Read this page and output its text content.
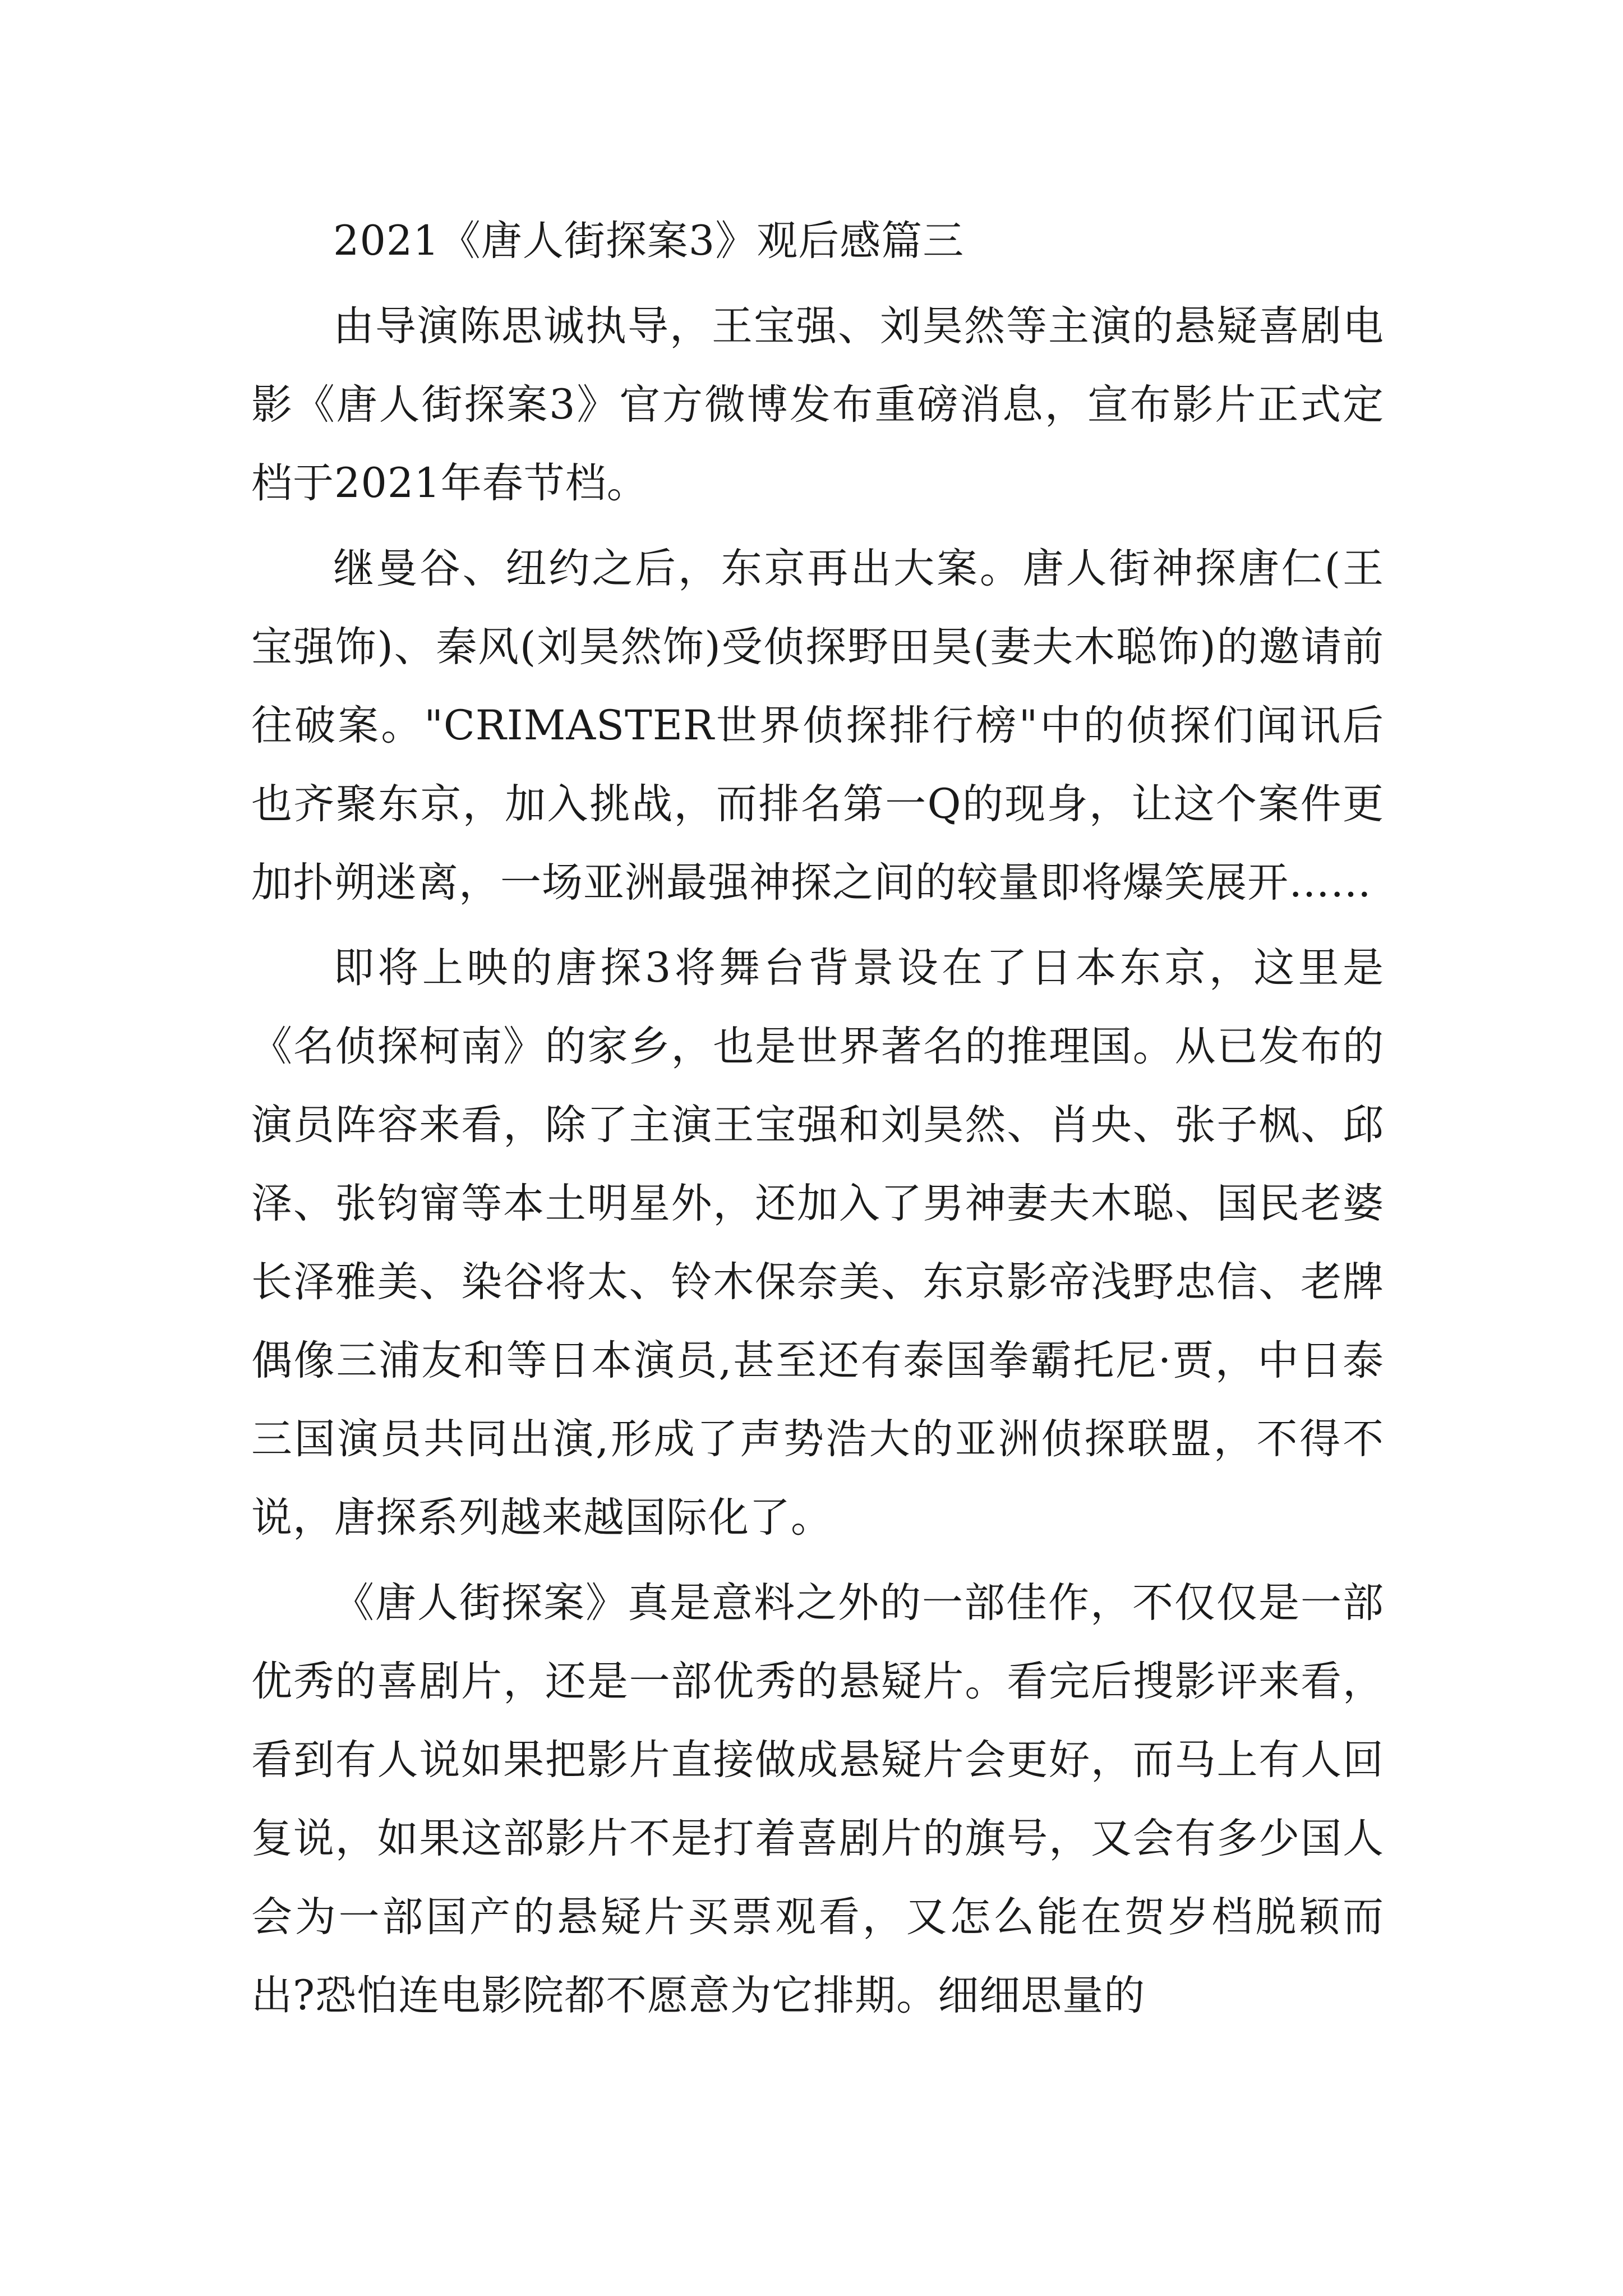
2021《唐人街探案3》观后感篇三

由导演陈思诚执导，王宝强、刘昊然等主演的悬疑喜剧电影《唐人街探案3》官方微博发布重磅消息，宣布影片正式定档于2021年春节档。

继曼谷、纽约之后，东京再出大案。唐人街神探唐仁(王宝强饰)、秦风(刘昊然饰)受侦探野田昊(妻夫木聪饰)的邀请前往破案。"CRIMASTER世界侦探排行榜"中的侦探们闻讯后也齐聚东京，加入挑战，而排名第一Q的现身，让这个案件更加扑朔迷离，一场亚洲最强神探之间的较量即将爆笑展开……

即将上映的唐探3将舞台背景设在了日本东京，这里是《名侦探柯南》的家乡，也是世界著名的推理国。从已发布的演员阵容来看，除了主演王宝强和刘昊然、肖央、张子枫、邱泽、张钧甯等本土明星外，还加入了男神妻夫木聪、国民老婆长泽雅美、染谷将太、铃木保奈美、东京影帝浅野忠信、老牌偶像三浦友和等日本演员,甚至还有泰国拳霸托尼·贾，中日泰三国演员共同出演,形成了声势浩大的亚洲侦探联盟，不得不说，唐探系列越来越国际化了。

《唐人街探案》真是意料之外的一部佳作，不仅仅是一部优秀的喜剧片，还是一部优秀的悬疑片。看完后搜影评来看，看到有人说如果把影片直接做成悬疑片会更好，而马上有人回复说，如果这部影片不是打着喜剧片的旗号，又会有多少国人会为一部国产的悬疑片买票观看，又怎么能在贺岁档脱颖而出?恐怕连电影院都不愿意为它排期。细细思量的
